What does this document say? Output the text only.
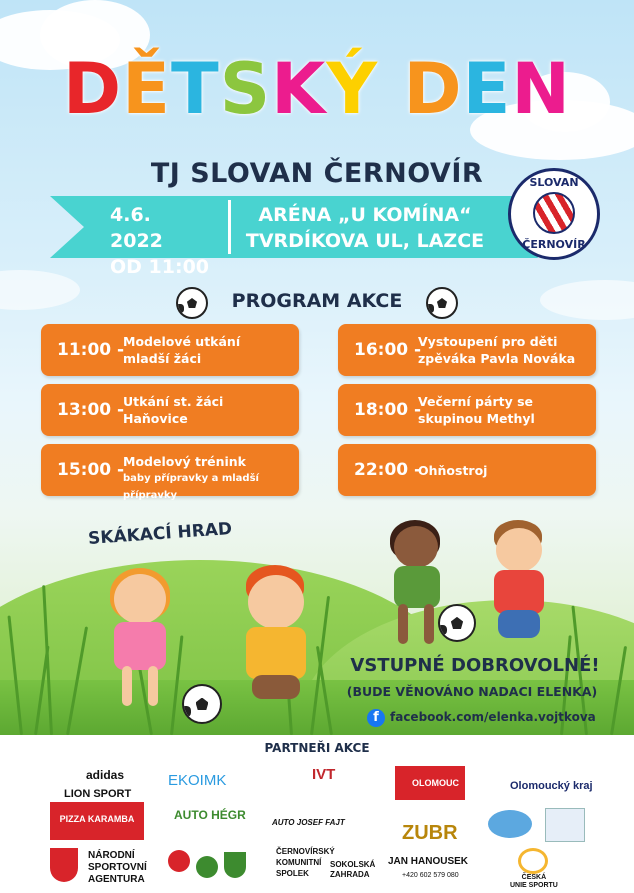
DĚTSKÝ DEN
TJ SLOVAN ČERNOVÍR
4.6. 2022
OD 11:00
ARÉNA „U KOMÍNA“
TVRDÍKOVA UL, LAZCE
SLOVAN
ČERNOVÍR
PROGRAM AKCE
11:00 -
Modelové utkání
mladší žáci
13:00 -
Utkání st. žáci
Haňovice
15:00 -
Modelový trénink
baby přípravky a mladší přípravky
16:00 -
Vystoupení pro děti
zpěváka Pavla Nováka
18:00 -
Večerní párty se
skupinou Methyl
22:00 -
Ohňostroj
SKÁKACÍ HRAD
VSTUPNÉ DOBROVOLNÉ!
(BUDE VĚNOVÁNO NADACI ELENKA)
f facebook.com/elenka.vojtkova
PARTNEŘI AKCE
adidas
LION SPORT
EKOIMK	IVT	OLOMOUC	Olomoucký kraj
PIZZA KARAMBA	AUTO HÉGR
AUTO JOSEF FAJT	ZUBR
NÁRODNÍ
SPORTOVNÍ
AGENTURA
ČERNOVÍRSKÝ
KOMUNITNÍ
SPOLEK
SOKOLSKÁ
ZAHRADA
JAN HANOUSEK
+420 602 579 080	ČESKÁ
UNIE SPORTU
